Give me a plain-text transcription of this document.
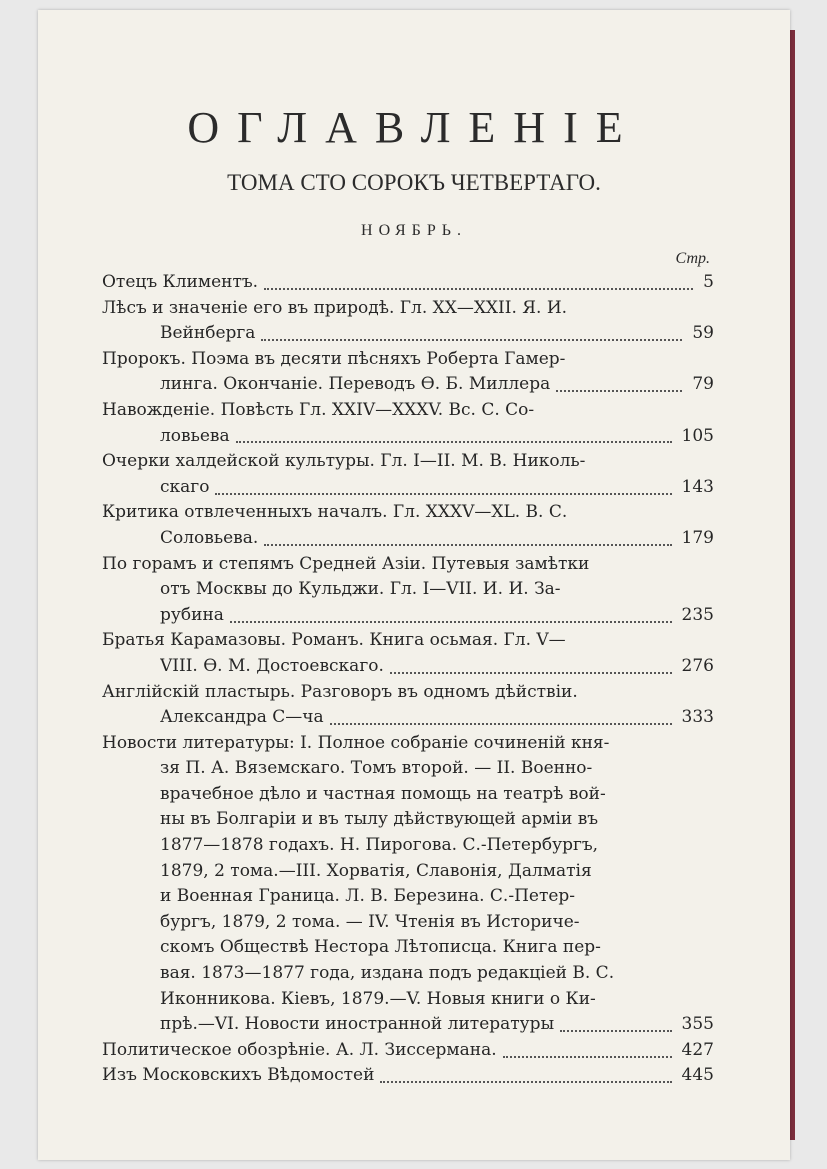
ОГЛАВЛЕНІЕ
ТОМА СТО СОРОКЪ ЧЕТВЕРТАГО.
НОЯБРЬ.
Стр.
Отецъ Климентъ.	5
Лѣсъ и значеніе его въ природѣ. Гл. XX—XXII. Я. И.
Вейнберга	59
Пророкъ. Поэма въ десяти пѣсняхъ Роберта Гамер-
линга. Окончаніе. Переводъ Ѳ. Б. Миллера	79
Навожденіе. Повѣсть Гл. XXIV—XXXV. Вс. С. Со-
ловьева	105
Очерки халдейской культуры. Гл. I—II. М. В. Николь-
скаго	143
Критика отвлеченныхъ началъ. Гл. XXXV—XL. В. С.
Соловьева.	179
По горамъ и степямъ Средней Азіи. Путевыя замѣтки
отъ Москвы до Кульджи. Гл. I—VII. И. И. За-
рубина	235
Братья Карамазовы. Романъ. Книга осьмая. Гл. V—
VIII. Ѳ. М. Достоевскаго.	276
Англійскій пластырь. Разговоръ въ одномъ дѣйствіи.
Александра С—ча	333
Новости литературы: I. Полное собраніе сочиненій кня-
зя П. А. Вяземскаго. Томъ второй. — II. Военно-
врачебное дѣло и частная помощь на театрѣ вой-
ны въ Болгаріи и въ тылу дѣйствующей арміи въ
1877—1878 годахъ. Н. Пирогова. С.-Петербургъ,
1879, 2 тома.—III. Хорватія, Славонія, Далматія
и Военная Граница. Л. В. Березина. С.-Петер-
бургъ, 1879, 2 тома. — IV. Чтенія въ Историче-
скомъ Обществѣ Нестора Лѣтописца. Книга пер-
вая. 1873—1877 года, издана подъ редакціей В. С.
Иконникова. Кіевъ, 1879.—V. Новыя книги о Ки-
прѣ.—VI. Новости иностранной литературы	355
Политическое обозрѣніе. А. Л. Зиссермана.	427
Изъ Московскихъ Вѣдомостей	445
